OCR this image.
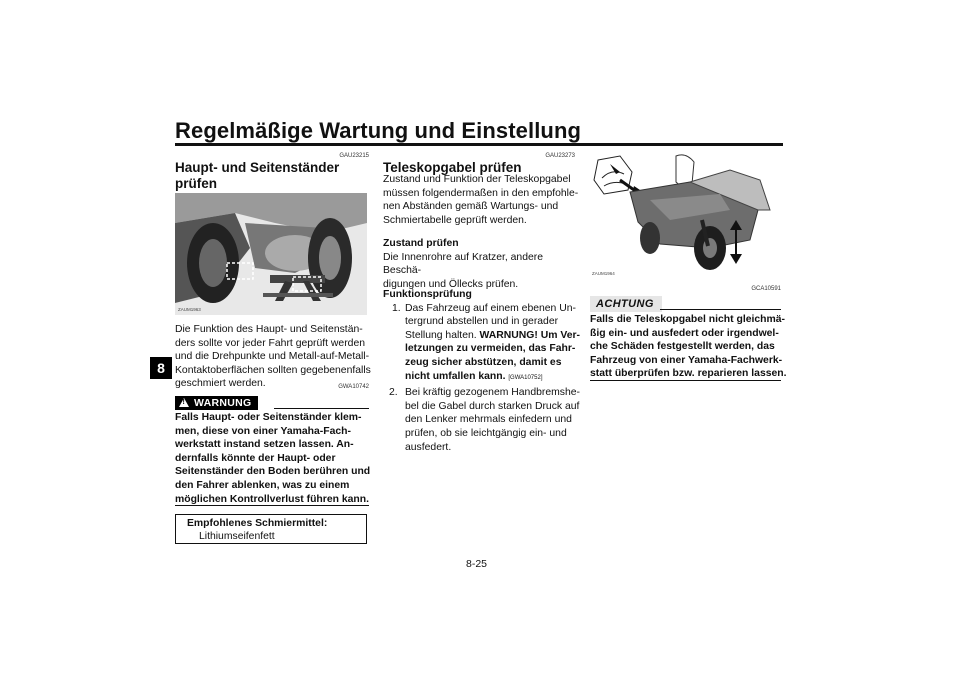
Regelmäßige Wartung und Einstellung
8
GAU23215
Haupt- und Seitenständer prüfen
ZAUM1963
Die Funktion des Haupt- und Seitenstän-
ders sollte vor jeder Fahrt geprüft werden
und die Drehpunkte und Metall-auf-Metall-
Kontaktoberflächen sollten gegebenenfalls
geschmiert werden.	GWA10742
!
WARNUNG
Falls Haupt- oder Seitenständer klem-
men, diese von einer Yamaha-Fach-
werkstatt instand setzen lassen. An-
dernfalls könnte der Haupt- oder
Seitenständer den Boden berühren und
den Fahrer ablenken, was zu einem
möglichen Kontrollverlust führen kann.
Empfohlenes Schmiermittel:
Lithiumseifenfett
GAU23273
Teleskopgabel prüfen
Zustand und Funktion der Teleskopgabel
müssen folgendermaßen in den empfohle-
nen Abständen gemäß Wartungs- und
Schmiertabelle geprüft werden.
Zustand prüfen
Die Innenrohre auf Kratzer, andere Beschä-
digungen und Öllecks prüfen.
Funktionsprüfung
1. Das Fahrzeug auf einem ebenen Un-
tergrund abstellen und in gerader
Stellung halten. WARNUNG! Um Ver-
letzungen zu vermeiden, das Fahr-
zeug sicher abstützen, damit es
nicht umfallen kann. [GWA10752]
2. Bei kräftig gezogenem Handbremshe-
bel die Gabel durch starken Druck auf
den Lenker mehrmals einfedern und
prüfen, ob sie leichtgängig ein- und
ausfedert.
ZAUM1964
GCA10591
ACHTUNG
Falls die Teleskopgabel nicht gleichmä-
ßig ein- und ausfedert oder irgendwel-
che Schäden festgestellt werden, das
Fahrzeug von einer Yamaha-Fachwerk-
statt überprüfen bzw. reparieren lassen.
8-25
